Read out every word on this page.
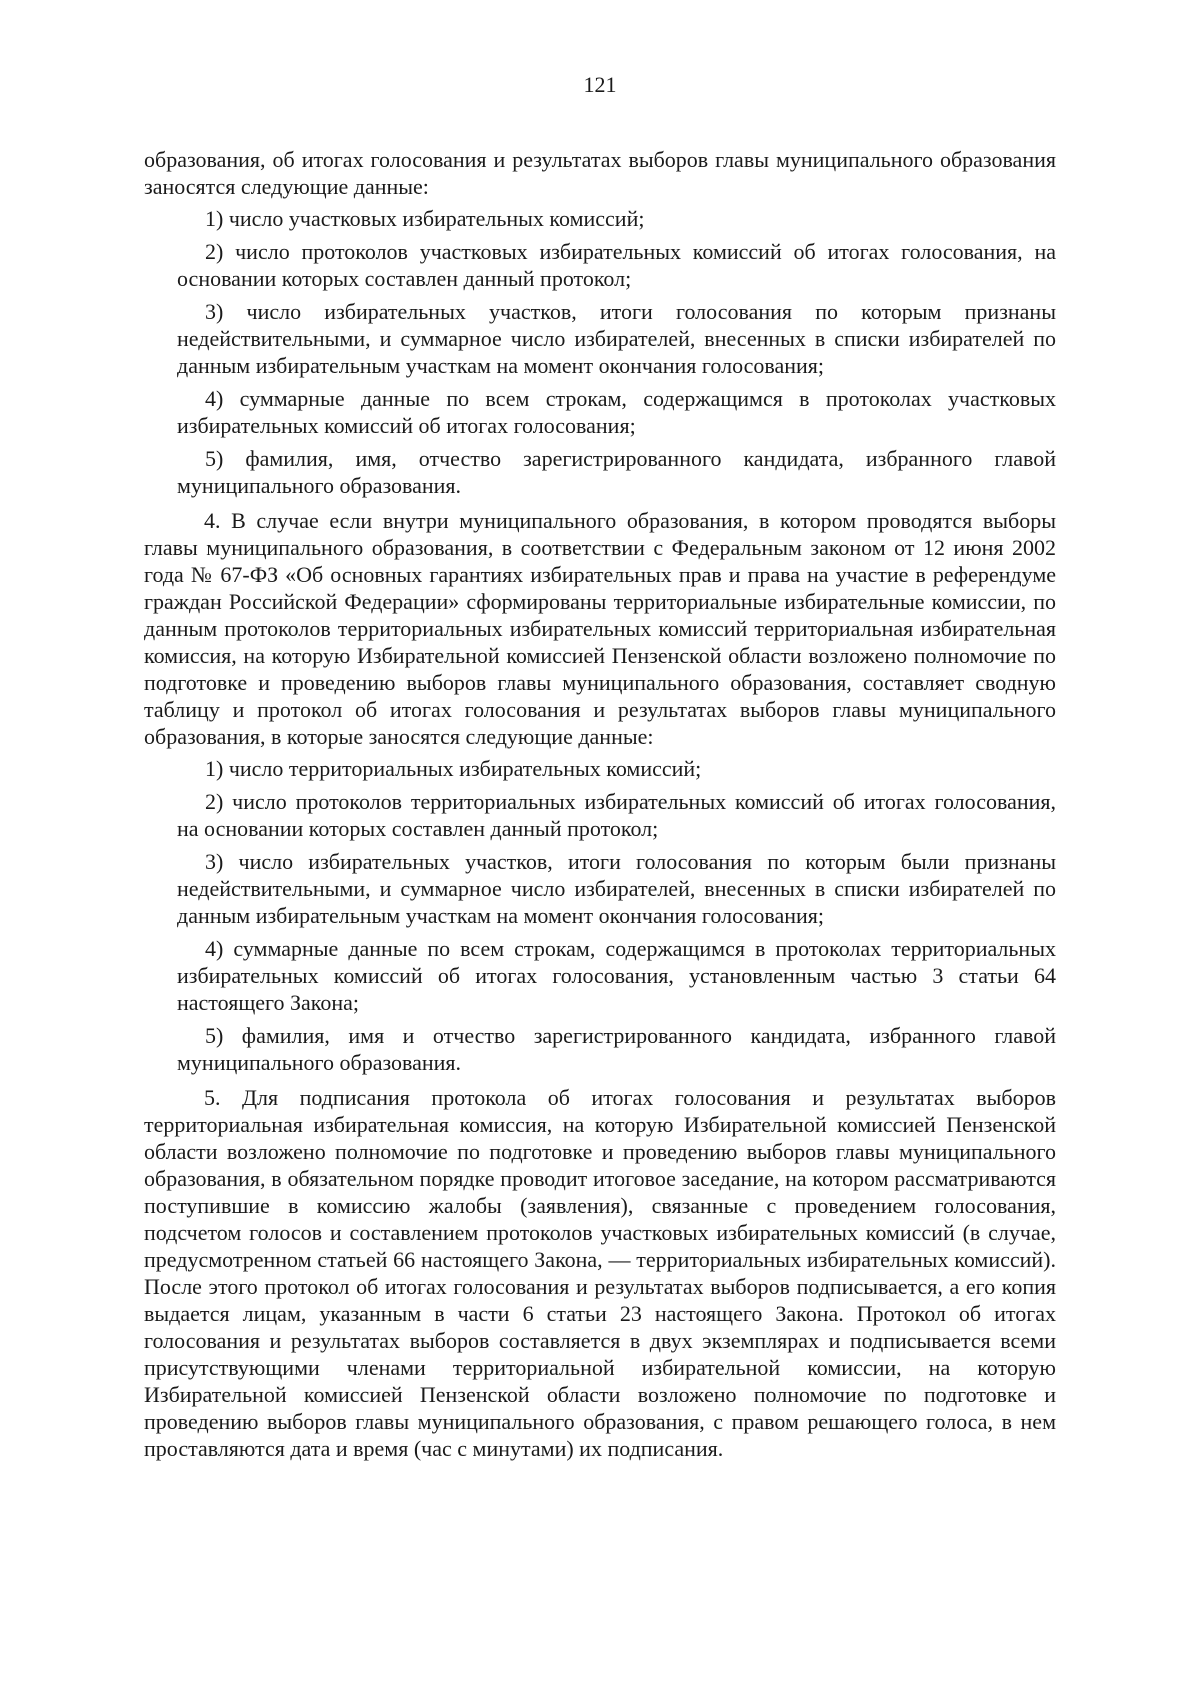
121

образования, об итогах голосования и результатах выборов главы муниципального образования заносятся следующие данные:

1) число участковых избирательных комиссий;

2) число протоколов участковых избирательных комиссий об итогах голосования, на основании которых составлен данный протокол;

3) число избирательных участков, итоги голосования по которым признаны недействительными, и суммарное число избирателей, внесенных в списки избирателей по данным избирательным участкам на момент окончания голосования;

4) суммарные данные по всем строкам, содержащимся в протоколах участковых избирательных комиссий об итогах голосования;

5) фамилия, имя, отчество зарегистрированного кандидата, избранного главой муниципального образования.

4. В случае если внутри муниципального образования, в котором проводятся выборы главы муниципального образования, в соответствии с Федеральным законом от 12 июня 2002 года № 67-ФЗ «Об основных гарантиях избирательных прав и права на участие в референдуме граждан Российской Федерации» сформированы территориальные избирательные комиссии, по данным протоколов территориальных избирательных комиссий территориальная избирательная комиссия, на которую Избирательной комиссией Пензенской области возложено полномочие по подготовке и проведению выборов главы муниципального образования, составляет сводную таблицу и протокол об итогах голосования и результатах выборов главы муниципального образования, в которые заносятся следующие данные:

1) число территориальных избирательных комиссий;

2) число протоколов территориальных избирательных комиссий об итогах голосования, на основании которых составлен данный протокол;

3) число избирательных участков, итоги голосования по которым были признаны недействительными, и суммарное число избирателей, внесенных в списки избирателей по данным избирательным участкам на момент окончания голосования;

4) суммарные данные по всем строкам, содержащимся в протоколах территориальных избирательных комиссий об итогах голосования, установленным частью 3 статьи 64 настоящего Закона;

5) фамилия, имя и отчество зарегистрированного кандидата, избранного главой муниципального образования.

5. Для подписания протокола об итогах голосования и результатах выборов территориальная избирательная комиссия, на которую Избирательной комиссией Пензенской области возложено полномочие по подготовке и проведению выборов главы муниципального образования, в обязательном порядке проводит итоговое заседание, на котором рассматриваются поступившие в комиссию жалобы (заявления), связанные с проведением голосования, подсчетом голосов и составлением протоколов участковых избирательных комиссий (в случае, предусмотренном статьей 66 настоящего Закона, — территориальных избирательных комиссий). После этого протокол об итогах голосования и результатах выборов подписывается, а его копия выдается лицам, указанным в части 6 статьи 23 настоящего Закона. Протокол об итогах голосования и результатах выборов составляется в двух экземплярах и подписывается всеми присутствующими членами территориальной избирательной комиссии, на которую Избирательной комиссией Пензенской области возложено полномочие по подготовке и проведению выборов главы муниципального образования, с правом решающего голоса, в нем проставляются дата и время (час с минутами) их подписания.
